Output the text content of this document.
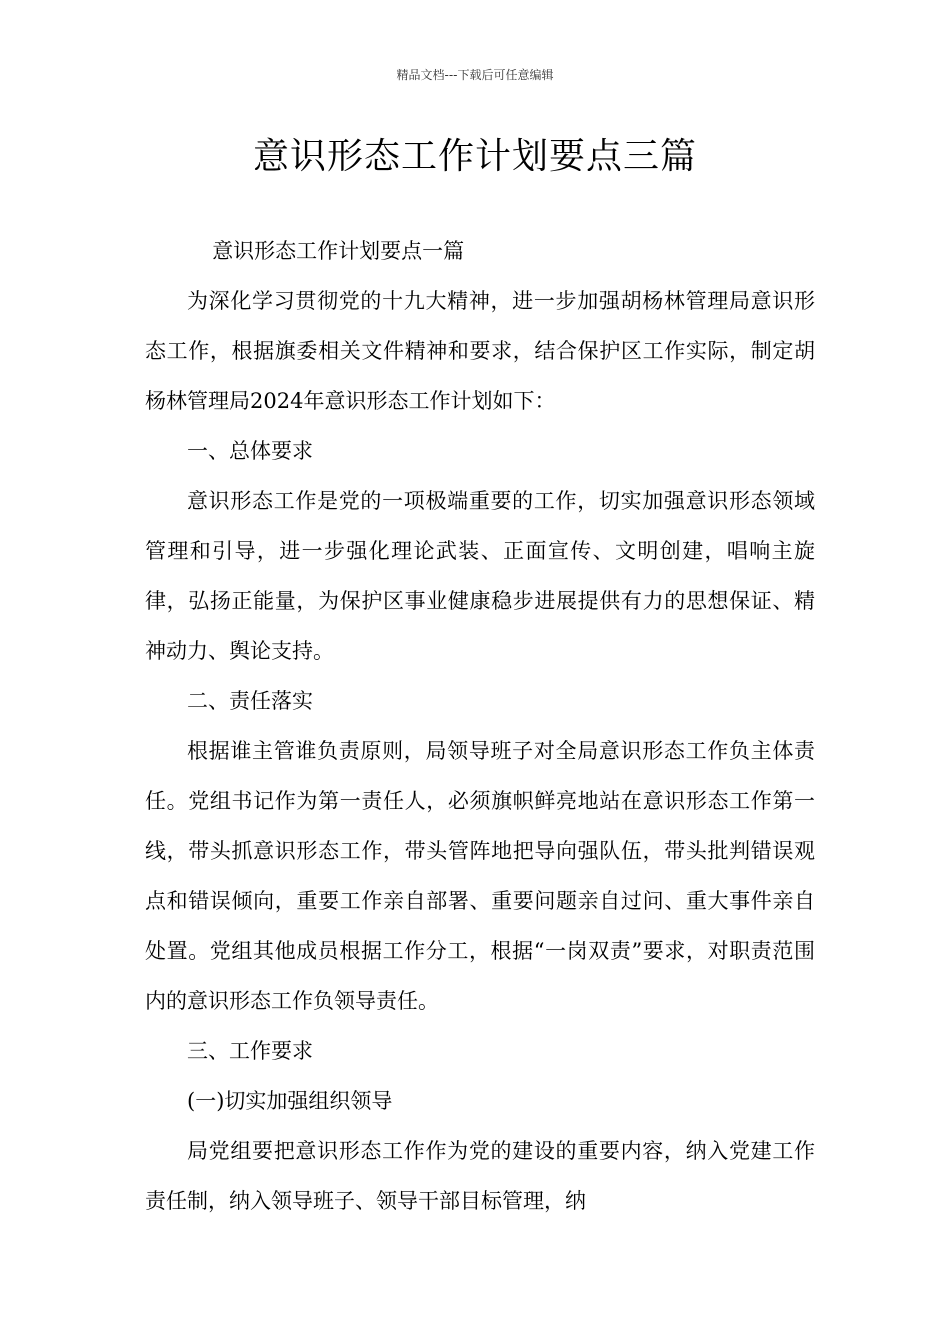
精品文档---下载后可任意编辑
意识形态工作计划要点三篇

意识形态工作计划要点一篇

为深化学习贯彻党的十九大精神，进一步加强胡杨林管理局意识形态工作，根据旗委相关文件精神和要求，结合保护区工作实际，制定胡杨林管理局2024年意识形态工作计划如下：

一、总体要求

意识形态工作是党的一项极端重要的工作，切实加强意识形态领域管理和引导，进一步强化理论武装、正面宣传、文明创建，唱响主旋律，弘扬正能量，为保护区事业健康稳步进展提供有力的思想保证、精神动力、舆论支持。

二、责任落实

根据谁主管谁负责原则，局领导班子对全局意识形态工作负主体责任。党组书记作为第一责任人，必须旗帜鲜亮地站在意识形态工作第一线，带头抓意识形态工作，带头管阵地把导向强队伍，带头批判错误观点和错误倾向，重要工作亲自部署、重要问题亲自过问、重大事件亲自处置。党组其他成员根据工作分工，根据“一岗双责”要求，对职责范围内的意识形态工作负领导责任。

三、工作要求

(一)切实加强组织领导

局党组要把意识形态工作作为党的建设的重要内容，纳入党建工作责任制，纳入领导班子、领导干部目标管理，纳
